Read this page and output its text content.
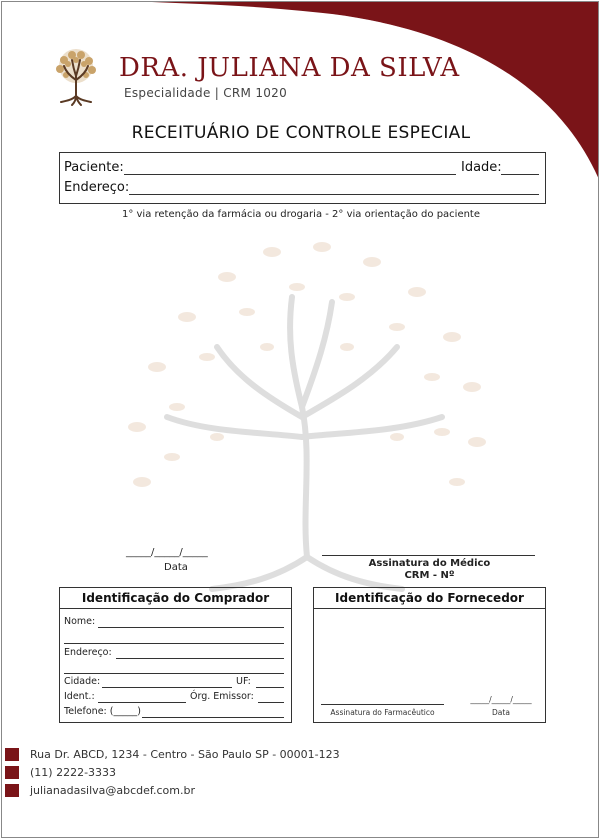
DRA. JULIANA DA SILVA
Especialidade | CRM 1020
RECEITUÁRIO DE CONTROLE ESPECIAL
Paciente:	Idade:
Endereço:
1° via retenção da farmácia ou drogaria - 2° via orientação do paciente
_____/_____/_____
Data	Assinatura do Médico
CRM - Nº
Identificação do Comprador
Nome:
Endereço:
Cidade:	UF:
Ident.:	Órg. Emissor:
Telefone: (_____)
Identificação do Fornecedor
Assinatura do Farmacêutico
_____/_____/_____
Data
Rua Dr. ABCD, 1234 - Centro - São Paulo SP - 00001-123
(11) 2222-3333
julianadasilva@abcdef.com.br
